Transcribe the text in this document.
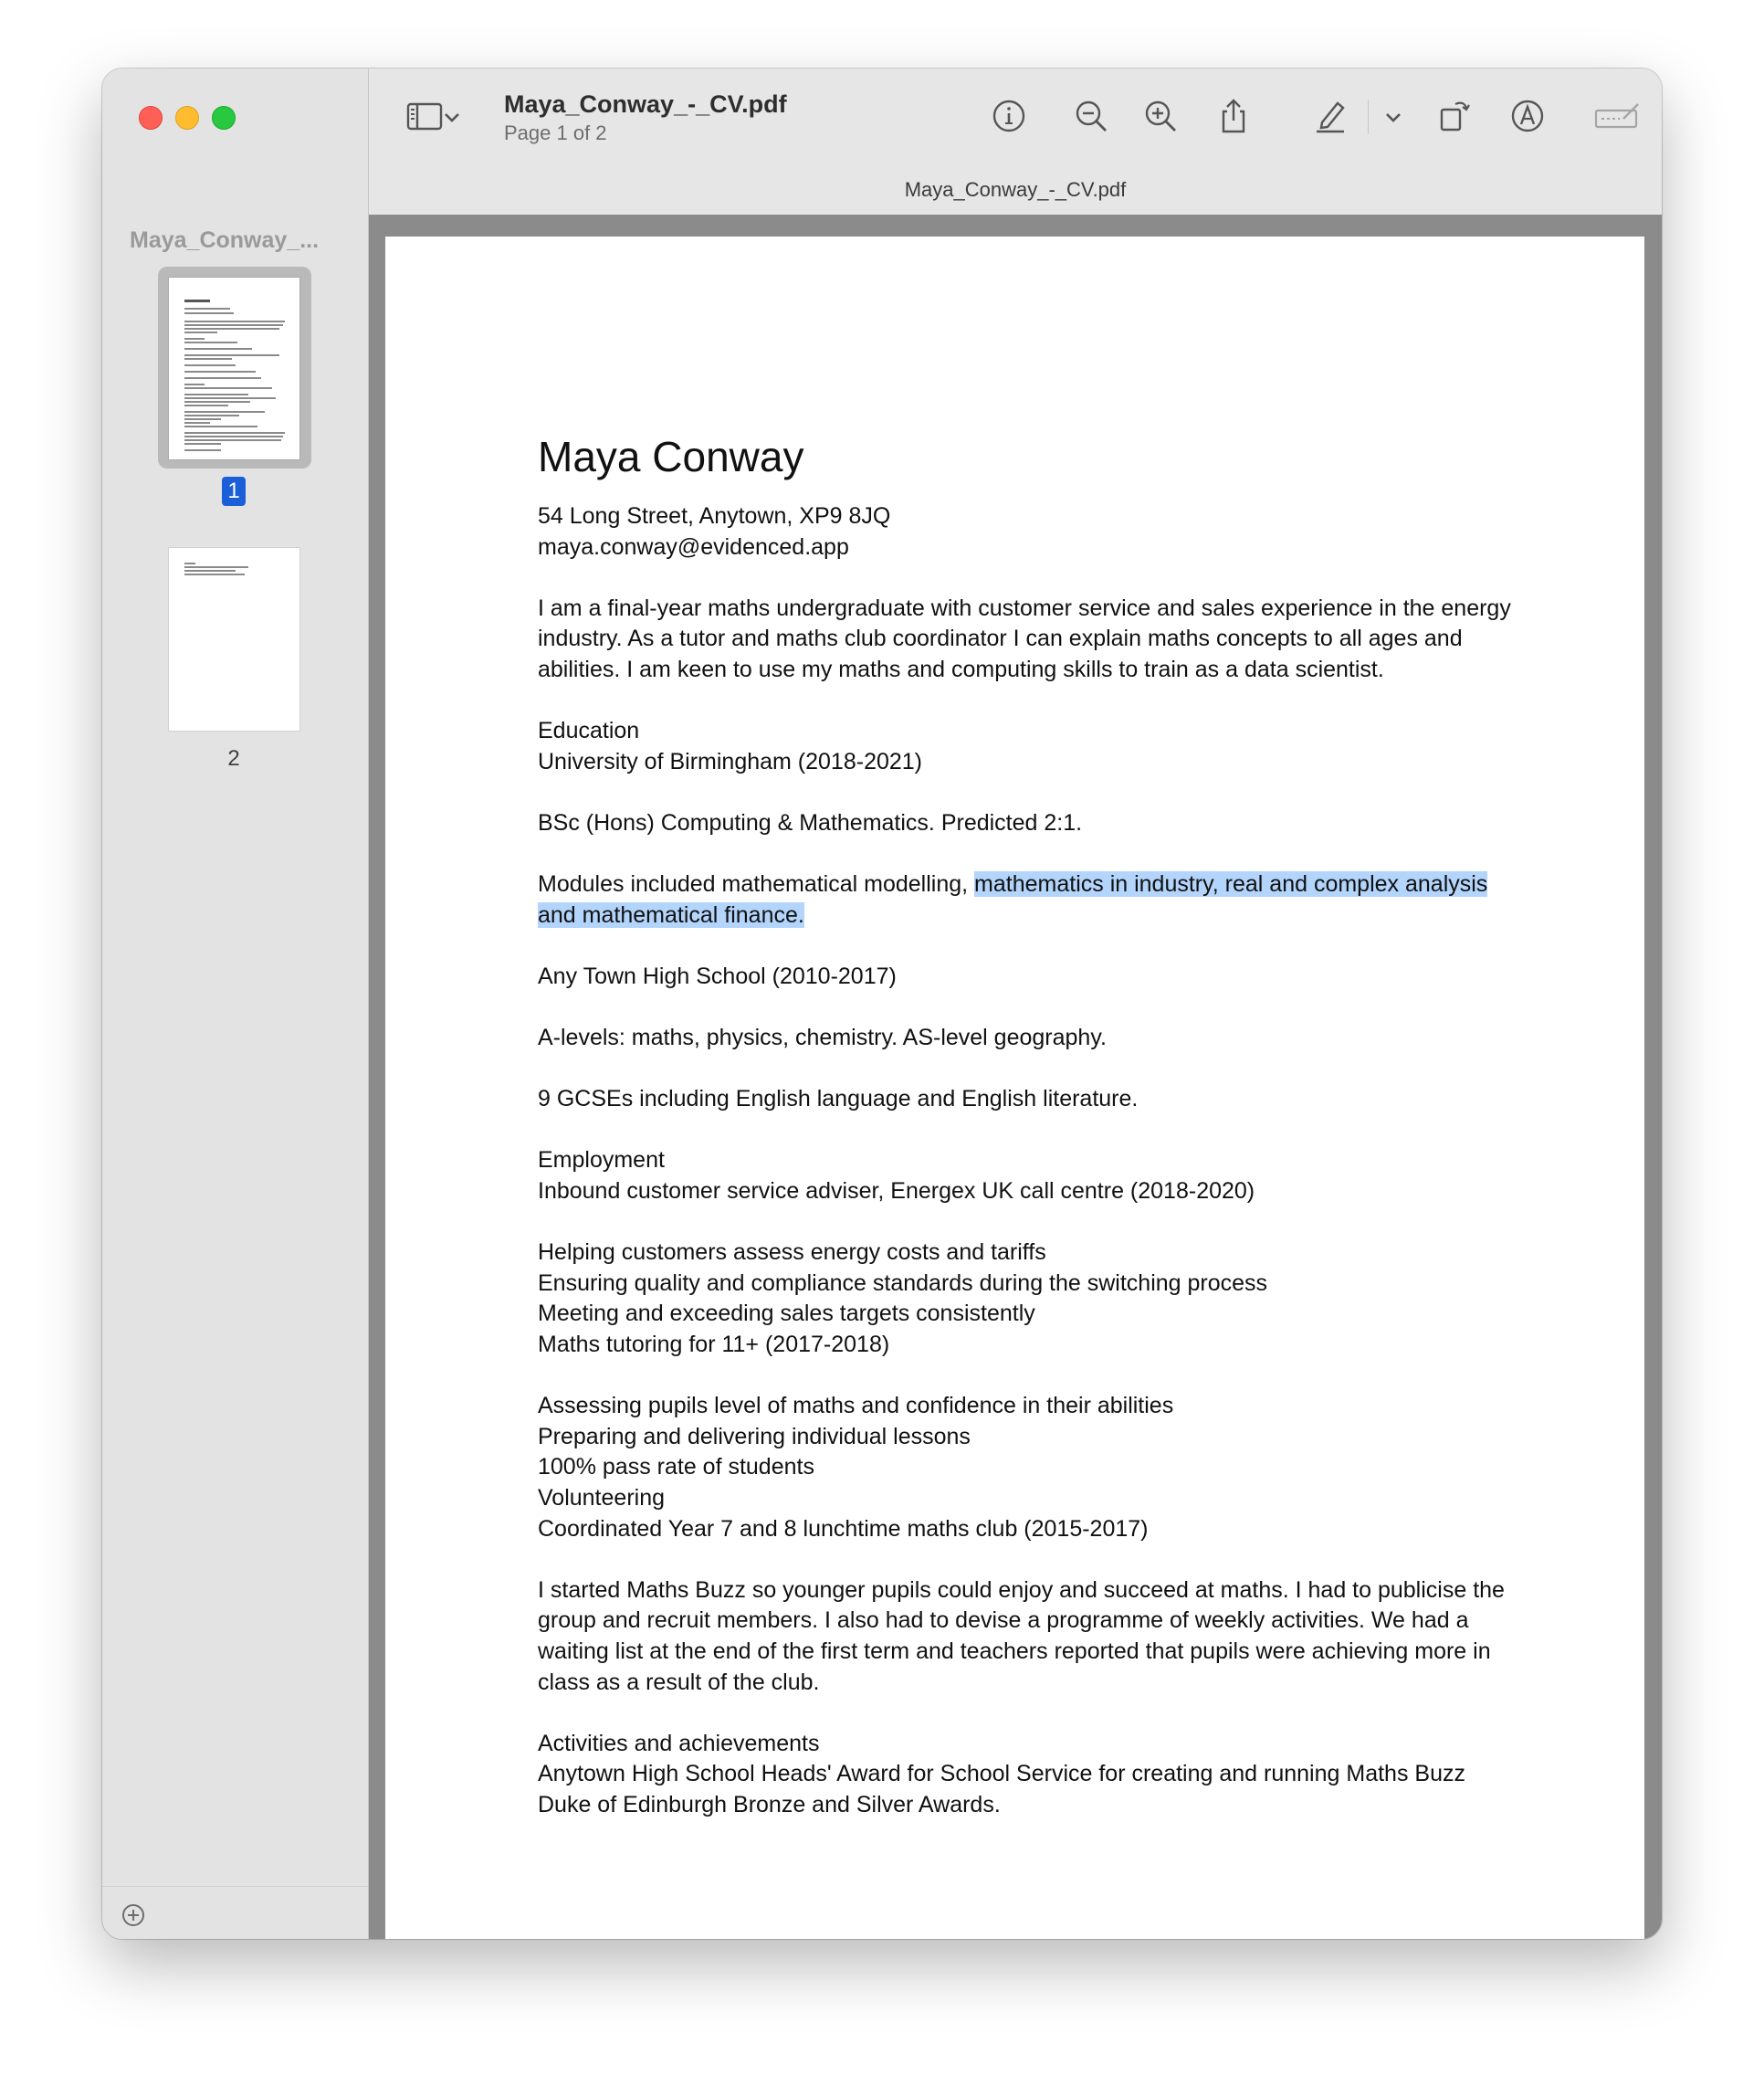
Maya_Conway_...
1
2
Maya_Conway_-_CV.pdf
Page 1 of 2
Maya_Conway_-_CV.pdf
Maya Conway

54 Long Street, Anytown, XP9 8JQ

maya.conway@evidenced.app

I am a final-year maths undergraduate with customer service and sales experience in the energy industry. As a tutor and maths club coordinator I can explain maths concepts to all ages and abilities. I am keen to use my maths and computing skills to train as a data scientist.

Education

University of Birmingham (2018-2021)

BSc (Hons) Computing & Mathematics. Predicted 2:1.

Modules included mathematical modelling, mathematics in industry, real and complex analysis and mathematical finance.

Any Town High School (2010-2017)

A-levels: maths, physics, chemistry. AS-level geography.

9 GCSEs including English language and English literature.

Employment

Inbound customer service adviser, Energex UK call centre (2018-2020)

Helping customers assess energy costs and tariffs

Ensuring quality and compliance standards during the switching process

Meeting and exceeding sales targets consistently

Maths tutoring for 11+ (2017-2018)

Assessing pupils level of maths and confidence in their abilities

Preparing and delivering individual lessons

100% pass rate of students

Volunteering

Coordinated Year 7 and 8 lunchtime maths club (2015-2017)

I started Maths Buzz so younger pupils could enjoy and succeed at maths. I had to publicise the group and recruit members. I also had to devise a programme of weekly activities. We had a waiting list at the end of the first term and teachers reported that pupils were achieving more in class as a result of the club.

Activities and achievements

Anytown High School Heads' Award for School Service for creating and running Maths Buzz

Duke of Edinburgh Bronze and Silver Awards.
